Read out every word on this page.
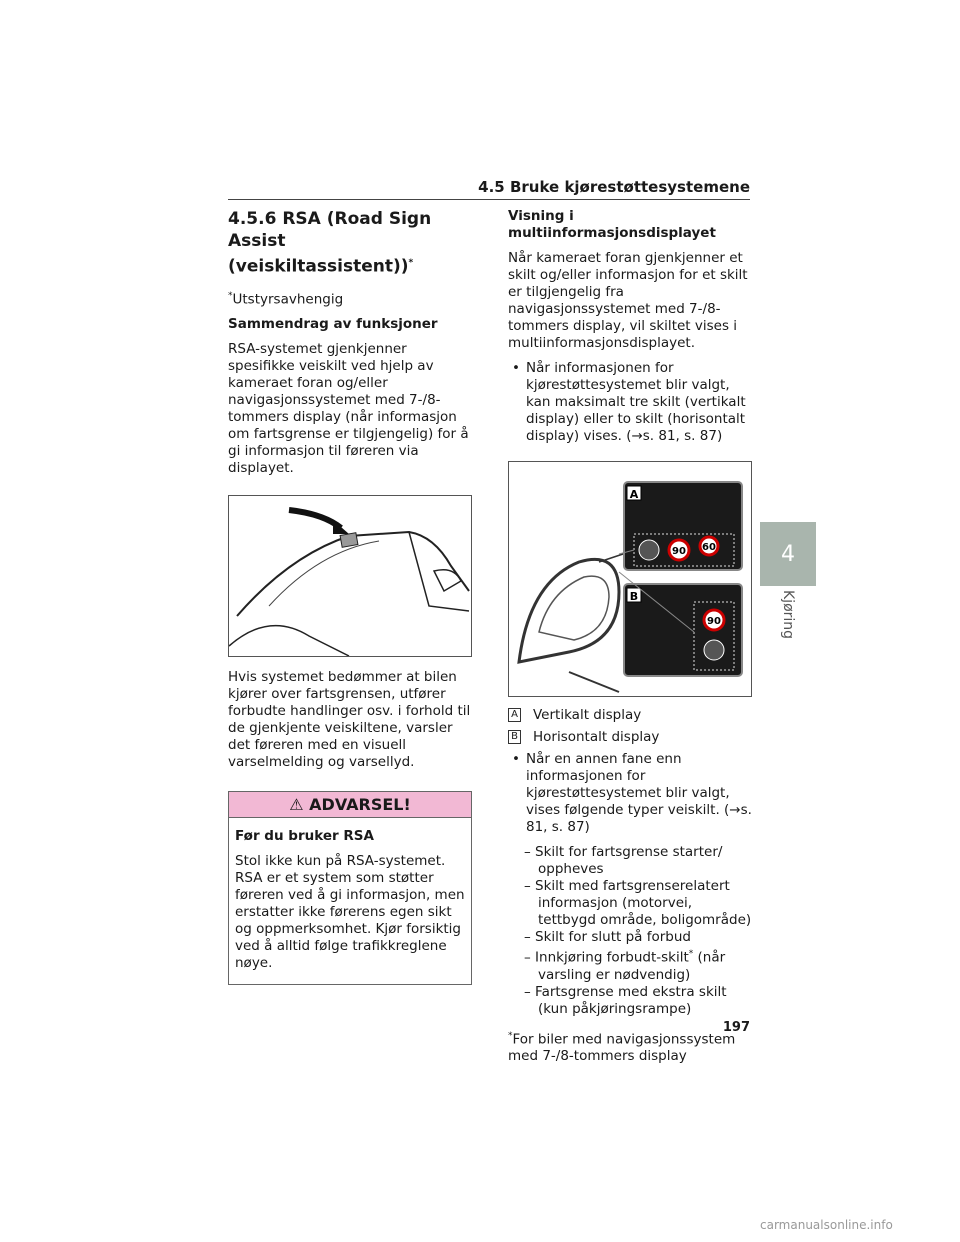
4.5 Bruke kjørestøttesystemene
4
Kjøring
4.5.6 RSA (Road Sign Assist (veiskiltassistent))*

*Utstyrsavhengig

Sammendrag av funksjoner

RSA-systemet gjenkjenner spesifikke veiskilt ved hjelp av kameraet foran og/eller navigasjonssystemet med 7-/8-tommers display (når informasjon om fartsgrense er tilgjengelig) for å gi informasjon til føreren via displayet.

Hvis systemet bedømmer at bilen kjører over fartsgrensen, utfører forbudte handlinger osv. i forhold til de gjenkjente veiskiltene, varsler det føreren med en visuell varselmelding og varsellyd.

⚠ ADVARSEL!

Før du bruker RSA

Stol ikke kun på RSA-systemet. RSA er et system som støtter føreren ved å gi informasjon, men erstatter ikke førerens egen sikt og oppmerksomhet. Kjør forsiktig ved å alltid følge trafikkreglene nøye.

Visning i multiinformasjonsdisplayet

Når kameraet foran gjenkjenner et skilt og/eller informasjon for et skilt er tilgjengelig fra navigasjonssystemet med 7-/8-tommers display, vil skiltet vises i multiinformasjonsdisplayet.

• Når informasjonen for kjørestøttesystemet blir valgt, kan maksimalt tre skilt (vertikalt display) eller to skilt (horisontalt display) vises. (→s. 81, s. 87)
A
B
90 60
90
A Vertikalt display
B Horisontalt display
• Når en annen fane enn informasjonen for kjørestøttesystemet blir valgt, vises følgende typer veiskilt. (→s. 81, s. 87)

– Skilt for fartsgrense starter/ oppheves

– Skilt med fartsgrenserelatert informasjon (motorvei, tettbygd område, boligområde)

– Skilt for slutt på forbud

– Innkjøring forbudt-skilt* (når varsling er nødvendig)

– Fartsgrense med ekstra skilt (kun påkjøringsrampe)

*For biler med navigasjonssystem med 7-/8-tommers display
197
carmanualsonline.info
